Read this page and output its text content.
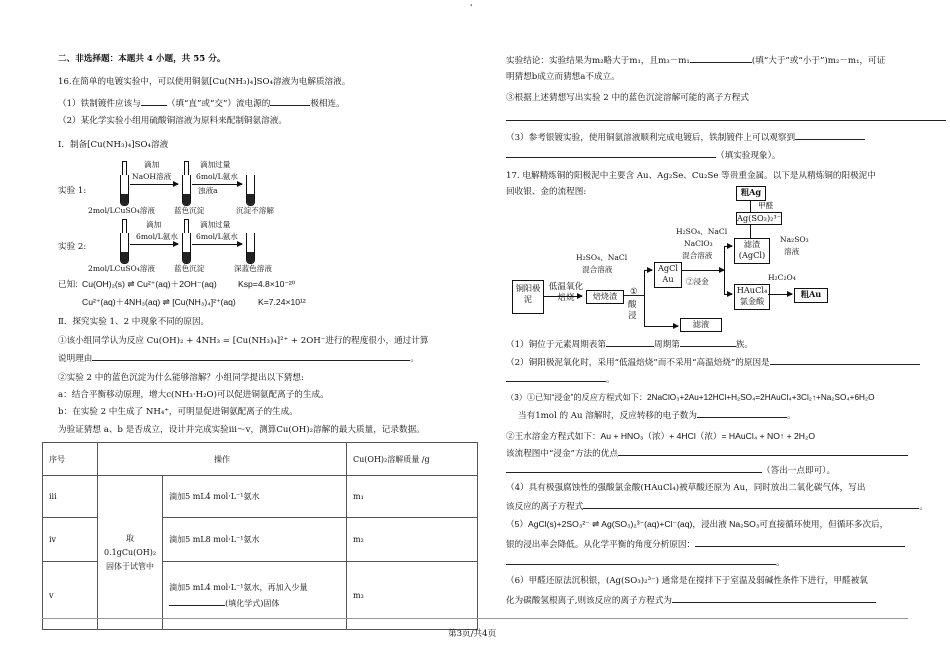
'
二、非选择题：本题共 4 小题，共 55 分。
16.在简单的电镀实验中，可以使用铜氨[Cu(NH₃)₄]SO₄溶液为电解质溶液。
（1）铁制镀件应该与	（填“直”或“交”）流电源的	极相连。
（2）某化学实验小组用硫酸铜溶液为原料来配制铜氨溶液。
Ⅰ．制备[Cu(NH₃)₄]SO₄溶液
实验 1:
滴加
NaOH溶液
浊液a
滴加过量
6mol/L氨水
2mol/LCuSO₄溶液	蓝色沉淀	沉淀不溶解
实验 2:
滴加
6mol/L氨水
滴加过量
6mol/L氨水
2mol/LCuSO₄溶液	蓝色沉淀	深蓝色溶液
已知: Cu(OH)₂(s) ⇌ Cu²⁺(aq)＋2OH⁻(aq) Ksp=4.8×10⁻²⁰
Cu²⁺(aq)＋4NH₃(aq) ⇌ [Cu(NH₃)₄]²⁺(aq)	K=7.24×10¹²
Ⅱ．探究实验 1、2 中现象不同的原因。
①该小组同学认为反应 Cu(OH)₂ + 4NH₃ = [Cu(NH₃)₄]²⁺ + 2OH⁻进行的程度很小，通过计算
说明理由	。
②实验 2 中的蓝色沉淀为什么能够溶解？小组同学提出以下猜想:
a：结合平衡移动原理，增大c(NH₃·H₂O)可以促进铜氨配离子的生成。
b：在实验 2 中生成了 NH₄⁺，可明显促进铜氨配离子的生成。
为验证猜想 a、b 是否成立，设计并完成实验iii～v，测算Cu(OH)₂溶解的最大质量，记录数据。
序号	操作		Cu(OH)₂溶解质量 /g
iii	取0.1gCu(OH)₂固体于试管中	滴加5 mL4 mol·L⁻¹氨水	m₁
iv		滴加5 mL8 mol·L⁻¹氨水	m₂
v		滴加5 mL4 mol·L⁻¹氨水，再加入少量
(填化学式)固体	m₃
实验结论：实验结果为m₂略大于m₁，且m₃－m₁	(填“大于”或“小于”)m₂－m₁，可证
明猜想b成立而猜想a不成立。
③根据上述猜想写出实验 2 中的蓝色沉淀溶解可能的离子方程式
（3）参考银镀实验，使用铜氨溶液顺利完成电镀后，铁制镀件上可以观察到
（填实验现象）。
17. 电解精炼铜的阳极泥中主要含 Au、Ag₂Se、Cu₂Se 等贵重金属。以下是从精炼铜的阳极泥中
回收银、金的流程图:
铜阳极泥
低温氧化焙烧
H₂SO₄、NaCl
混合溶液
焙烧渣	①
酸浸
AgCl
Au
滤液
H₂SO₄、NaCl
NaClO₃
混合溶液
②浸金
滤渣
(AgCl)
HAuCl₄
氯金酸
Ag(SO₃)₂³⁻
Na₂SO₃
溶液
甲醛
粗Ag
H₂C₂O₄
粗Au
（1）铜位于元素周期表第	周期第	族。
（2）铜阳极泥氧化时，采用“低温焙烧”而不采用“高温焙烧”的原因是
。
（3）①已知“浸金”的反应方程式如下：2NaClO₃+2Au+12HCl+H₂SO₄=2HAuCl₄+3Cl₂↑+Na₂SO₄+6H₂O
当有1mol 的 Au 溶解时，反应转移的电子数为	。
②王水溶金方程式如下：Au + HNO₃（浓）+ 4HCl（浓）= HAuCl₄ + NO↑ + 2H₂O
该流程图中“浸金”方法的优点
（答出一点即可）。
（4）具有极强腐蚀性的强酸氯金酸(HAuCl₄)被草酸还原为 Au，同时放出二氧化碳气体，写出
该反应的离子方程式	。
（5）AgCl(s)+2SO₃²⁻ ⇌ Ag(SO₃)₂³⁻(aq)+Cl⁻(aq)，浸出液 Na₂SO₃可直接循环使用，但循环多次后，
银的浸出率会降低。从化学平衡的角度分析原因：
。
（6）甲醛还原法沉积银，(Ag(SO₃)₂³⁻) 通常是在搅拌下于室温及弱碱性条件下进行，甲醛被氧
化为碳酸氢根离子,则该反应的离子方程式为
第3页/共4页
